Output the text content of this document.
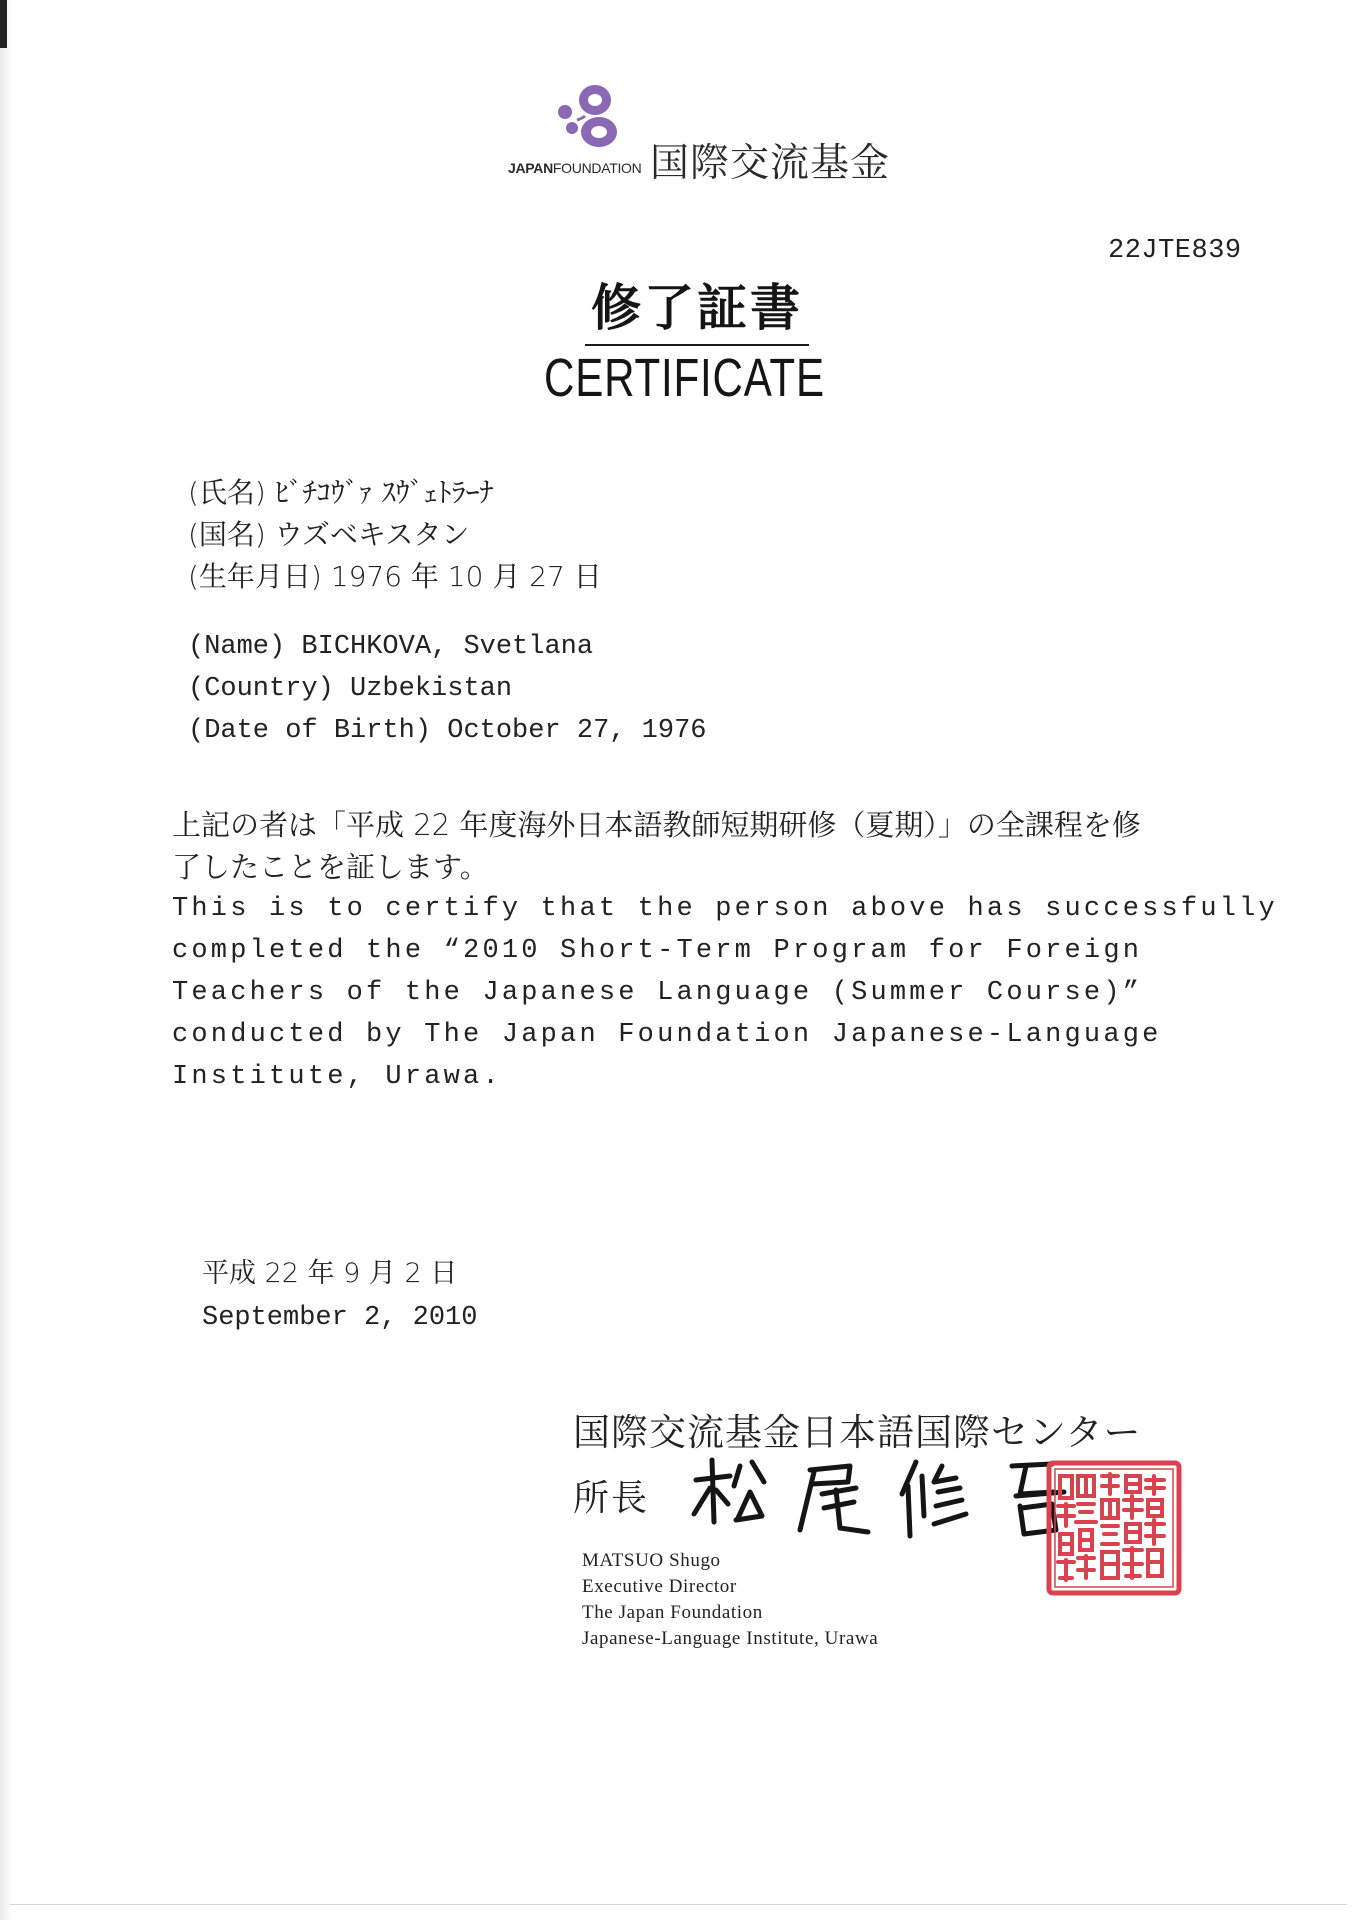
JAPANFOUNDATION 国際交流基金
22JTE839
修了証書
CERTIFICATE
(氏名) ﾋﾞﾁｺｳﾞｧ ｽｳﾞｪﾄﾗｰﾅ
(国名) ウズベキスタン
(生年月日) 1976 年 10 月 27 日
(Name) BICHKOVA, Svetlana
(Country) Uzbekistan
(Date of Birth) October 27, 1976
上記の者は「平成 22 年度海外日本語教師短期研修（夏期）」の全課程を修
了したことを証します。
This is to certify that the person above has successfully
completed the “2010 Short-Term Program for Foreign
Teachers of the Japanese Language (Summer Course)”
conducted by The Japan Foundation Japanese-Language
Institute, Urawa.
平成 22 年 9 月 2 日
September 2, 2010
国際交流基金日本語国際センター
所長
MATSUO Shugo
Executive Director
The Japan Foundation
Japanese-Language Institute, Urawa
